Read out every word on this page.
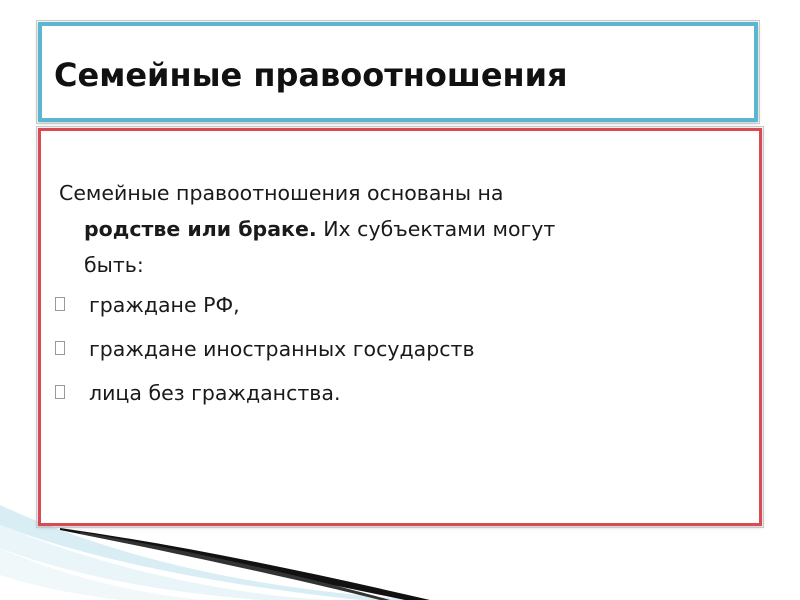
Семейные правоотношения

Семейные правоотношения основаны на
родстве или браке. Их субъектами могут
быть:

гражданe РФ,
граждане иностранных государств
лица без гражданства.
